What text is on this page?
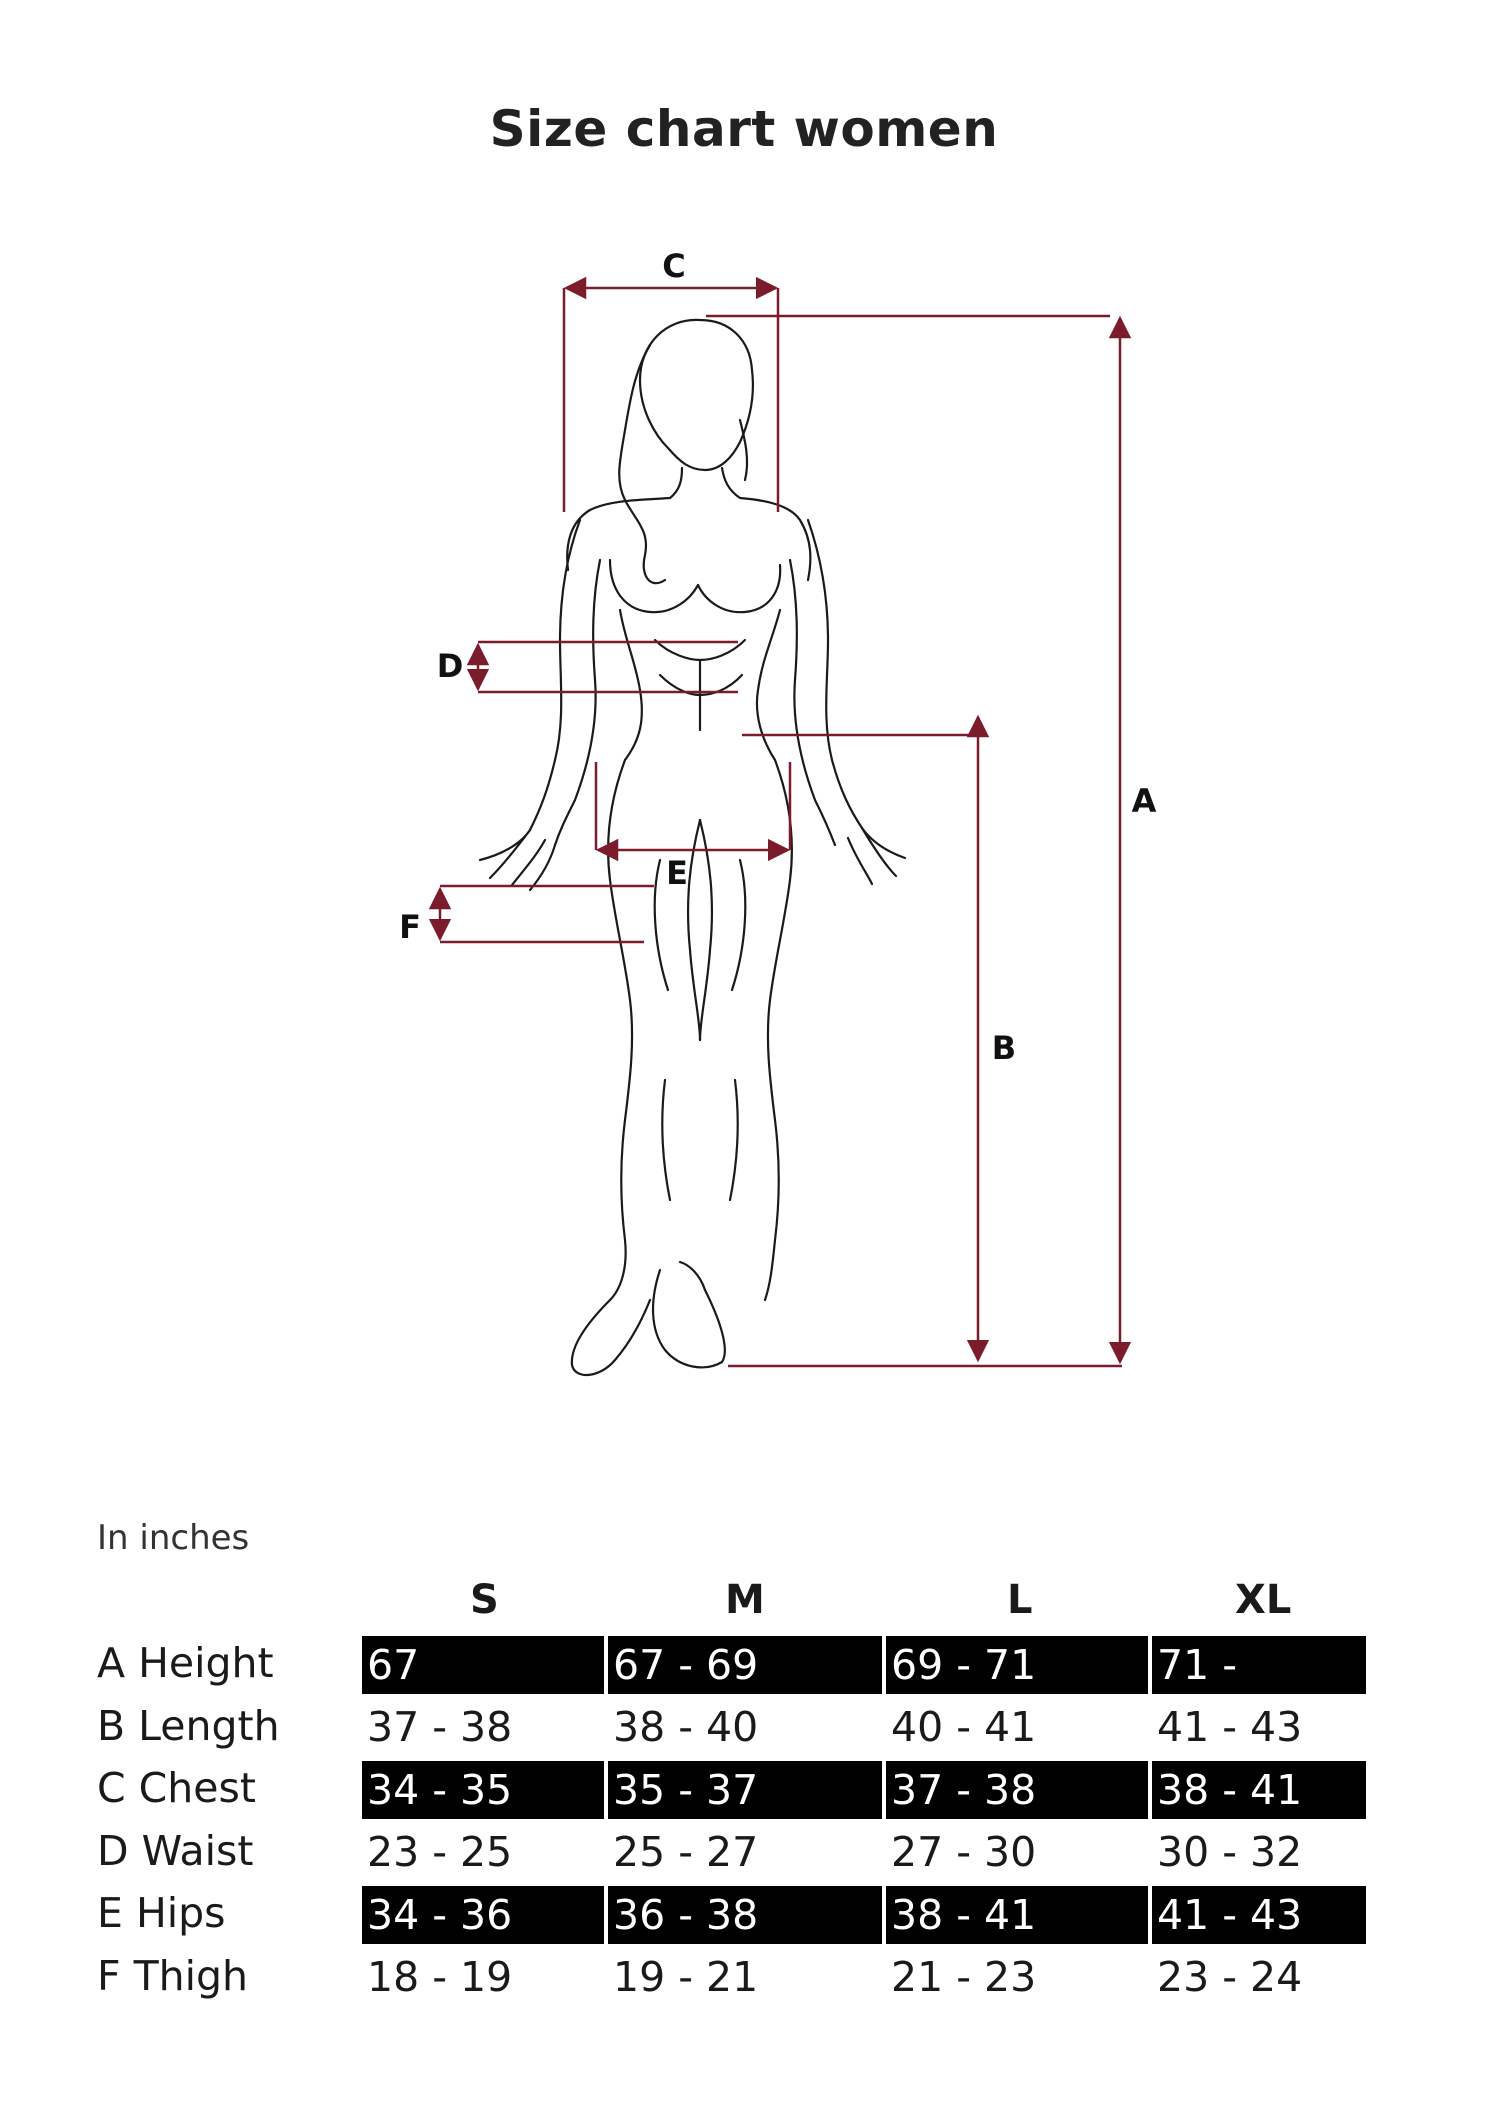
Size chart women
C
A
B
D
E
F
In inches
S	M	L	XL
A Height 67	67 - 69	69 - 71	71 -
B Length 37 - 38	38 - 40	40 - 41	41 - 43
C Chest	34 - 35	35 - 37	37 - 38	38 - 41
D Waist	23 - 25	25 - 27	27 - 30	30 - 32
E Hips	34 - 36	36 - 38	38 - 41	41 - 43
F Thigh	18 - 19	19 - 21	21 - 23	23 - 24
